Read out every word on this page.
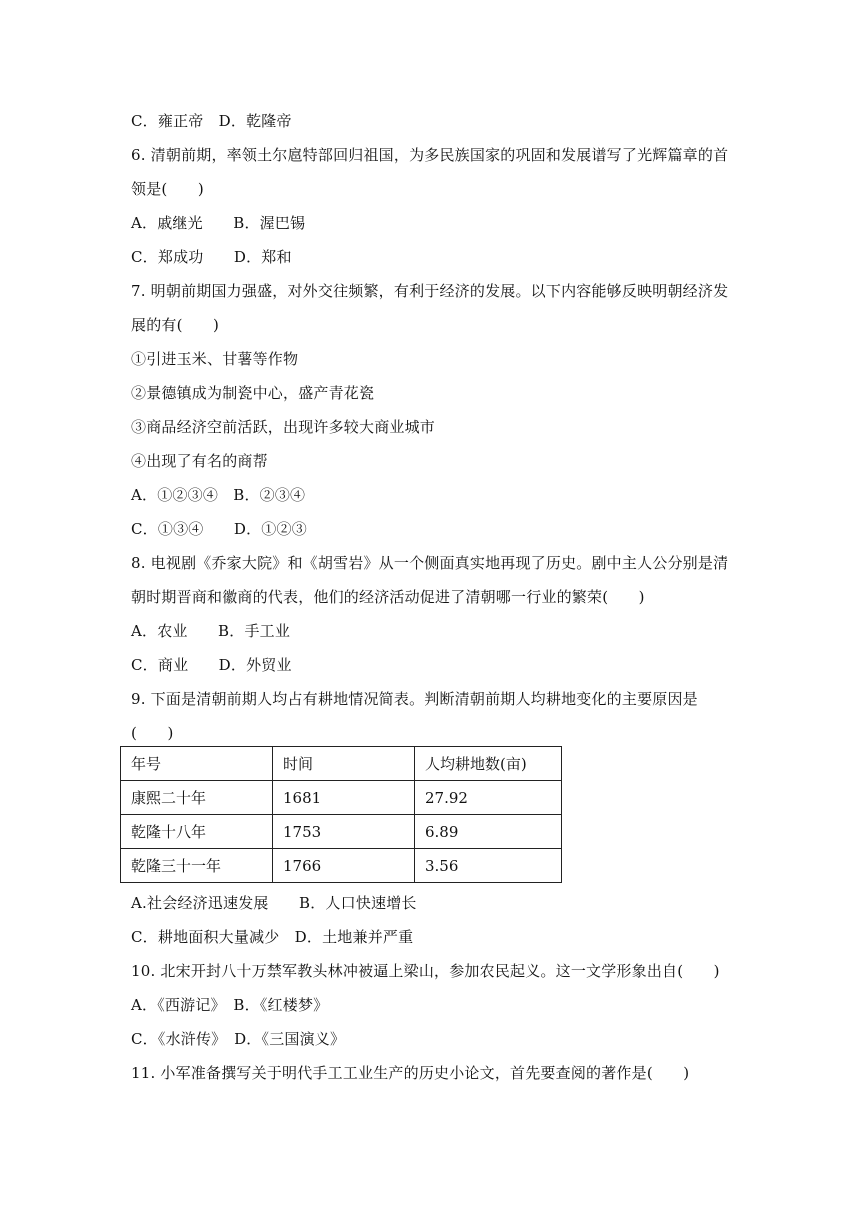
C．雍正帝　D．乾隆帝
6. 清朝前期，率领土尔扈特部回归祖国，为多民族国家的巩固和发展谱写了光辉篇章的首
领是(　　)
A．戚继光　　B．渥巴锡
C．郑成功　　D．郑和
7. 明朝前期国力强盛，对外交往频繁，有利于经济的发展。以下内容能够反映明朝经济发
展的有(　　)
①引进玉米、甘薯等作物
②景德镇成为制瓷中心，盛产青花瓷
③商品经济空前活跃，出现许多较大商业城市
④出现了有名的商帮
A．①②③④　B．②③④
C．①③④　　D．①②③
8. 电视剧《乔家大院》和《胡雪岩》从一个侧面真实地再现了历史。剧中主人公分别是清
朝时期晋商和徽商的代表，他们的经济活动促进了清朝哪一行业的繁荣(　　)
A．农业　　B．手工业
C．商业　　D．外贸业
9. 下面是清朝前期人均占有耕地情况简表。判断清朝前期人均耕地变化的主要原因是
(　　)
年号	时间	人均耕地数(亩)
康熙二十年	1681	27.92
乾隆十八年	1753	6.89
乾隆三十一年	1766	3.56
A.社会经济迅速发展　　B．人口快速增长
C．耕地面积大量减少　D．土地兼并严重
10. 北宋开封八十万禁军教头林冲被逼上梁山，参加农民起义。这一文学形象出自(　　)
A．《西游记》　B．《红楼梦》
C．《水浒传》　D．《三国演义》
11. 小军准备撰写关于明代手工工业生产的历史小论文，首先要查阅的著作是(　　)
